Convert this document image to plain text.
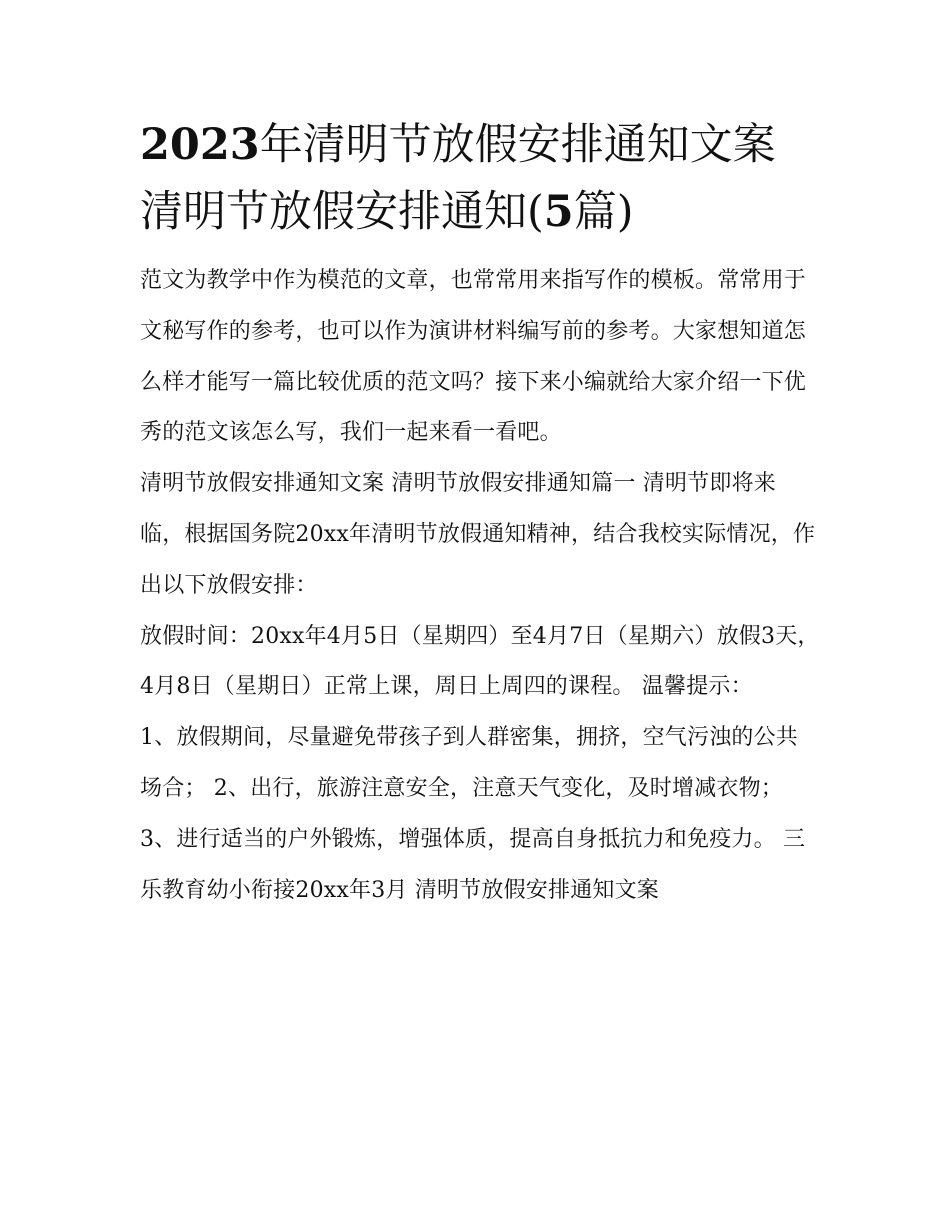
2023年清明节放假安排通知文案 清明节放假安排通知(5篇)

范文为教学中作为模范的文章，也常常用来指写作的模板。常常用于文秘写作的参考，也可以作为演讲材料编写前的参考。大家想知道怎么样才能写一篇比较优质的范文吗？接下来小编就给大家介绍一下优秀的范文该怎么写，我们一起来看一看吧。

清明节放假安排通知文案 清明节放假安排通知篇一 清明节即将来临，根据国务院20xx年清明节放假通知精神，结合我校实际情况，作出以下放假安排：

放假时间：20xx年4月5日（星期四）至4月7日（星期六）放假3天，4月8日（星期日）正常上课，周日上周四的课程。 温馨提示：

1、放假期间，尽量避免带孩子到人群密集，拥挤，空气污浊的公共场合； 2、出行，旅游注意安全，注意天气变化，及时增减衣物；

3、进行适当的户外锻炼，增强体质，提高自身抵抗力和免疫力。 三乐教育幼小衔接20xx年3月 清明节放假安排通知文案
